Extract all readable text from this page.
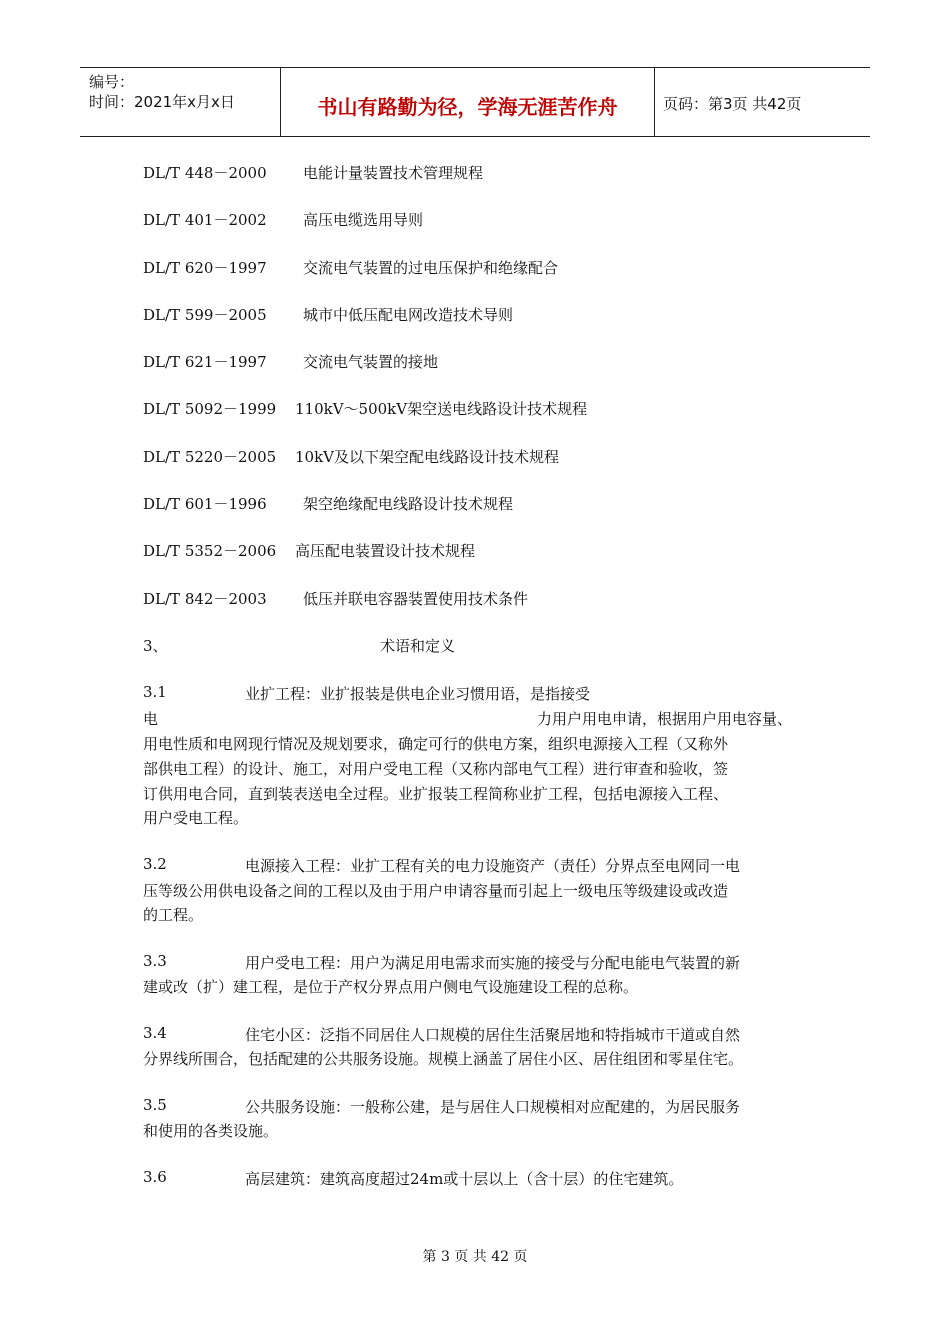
编号：
时间：2021年x月x日	书山有路勤为径，学海无涯苦作舟	页码：第3页 共42页
DL/T 448－2000 电能计量装置技术管理规程
DL/T 401－2002 高压电缆选用导则
DL/T 620－1997 交流电气装置的过电压保护和绝缘配合
DL/T 599－2005 城市中低压配电网改造技术导则
DL/T 621－1997 交流电气装置的接地
DL/T 5092－1999 110kV～500kV架空送电线路设计技术规程
DL/T 5220－2005 10kV及以下架空配电线路设计技术规程
DL/T 601－1996 架空绝缘配电线路设计技术规程
DL/T 5352－2006 高压配电装置设计技术规程
DL/T 842－2003 低压并联电容器装置使用技术条件
3、	术语和定义
3.1	业扩工程：业扩报装是供电企业习惯用语，是指接受
电	力用户用电申请，根据用户用电容量、
用电性质和电网现行情况及规划要求，确定可行的供电方案，组织电源接入工程（又称外
部供电工程）的设计、施工，对用户受电工程（又称内部电气工程）进行审查和验收，签
订供用电合同，直到装表送电全过程。业扩报装工程简称业扩工程，包括电源接入工程、
用户受电工程。
3.2	电源接入工程：业扩工程有关的电力设施资产（责任）分界点至电网同一电
压等级公用供电设备之间的工程以及由于用户申请容量而引起上一级电压等级建设或改造
的工程。
3.3	用户受电工程：用户为满足用电需求而实施的接受与分配电能电气装置的新
建或改（扩）建工程，是位于产权分界点用户侧电气设施建设工程的总称。
3.4	住宅小区：泛指不同居住人口规模的居住生活聚居地和特指城市干道或自然
分界线所围合，包括配建的公共服务设施。规模上涵盖了居住小区、居住组团和零星住宅。
3.5	公共服务设施：一般称公建，是与居住人口规模相对应配建的，为居民服务
和使用的各类设施。
3.6	高层建筑：建筑高度超过24m或十层以上（含十层）的住宅建筑。
第 3 页 共 42 页
